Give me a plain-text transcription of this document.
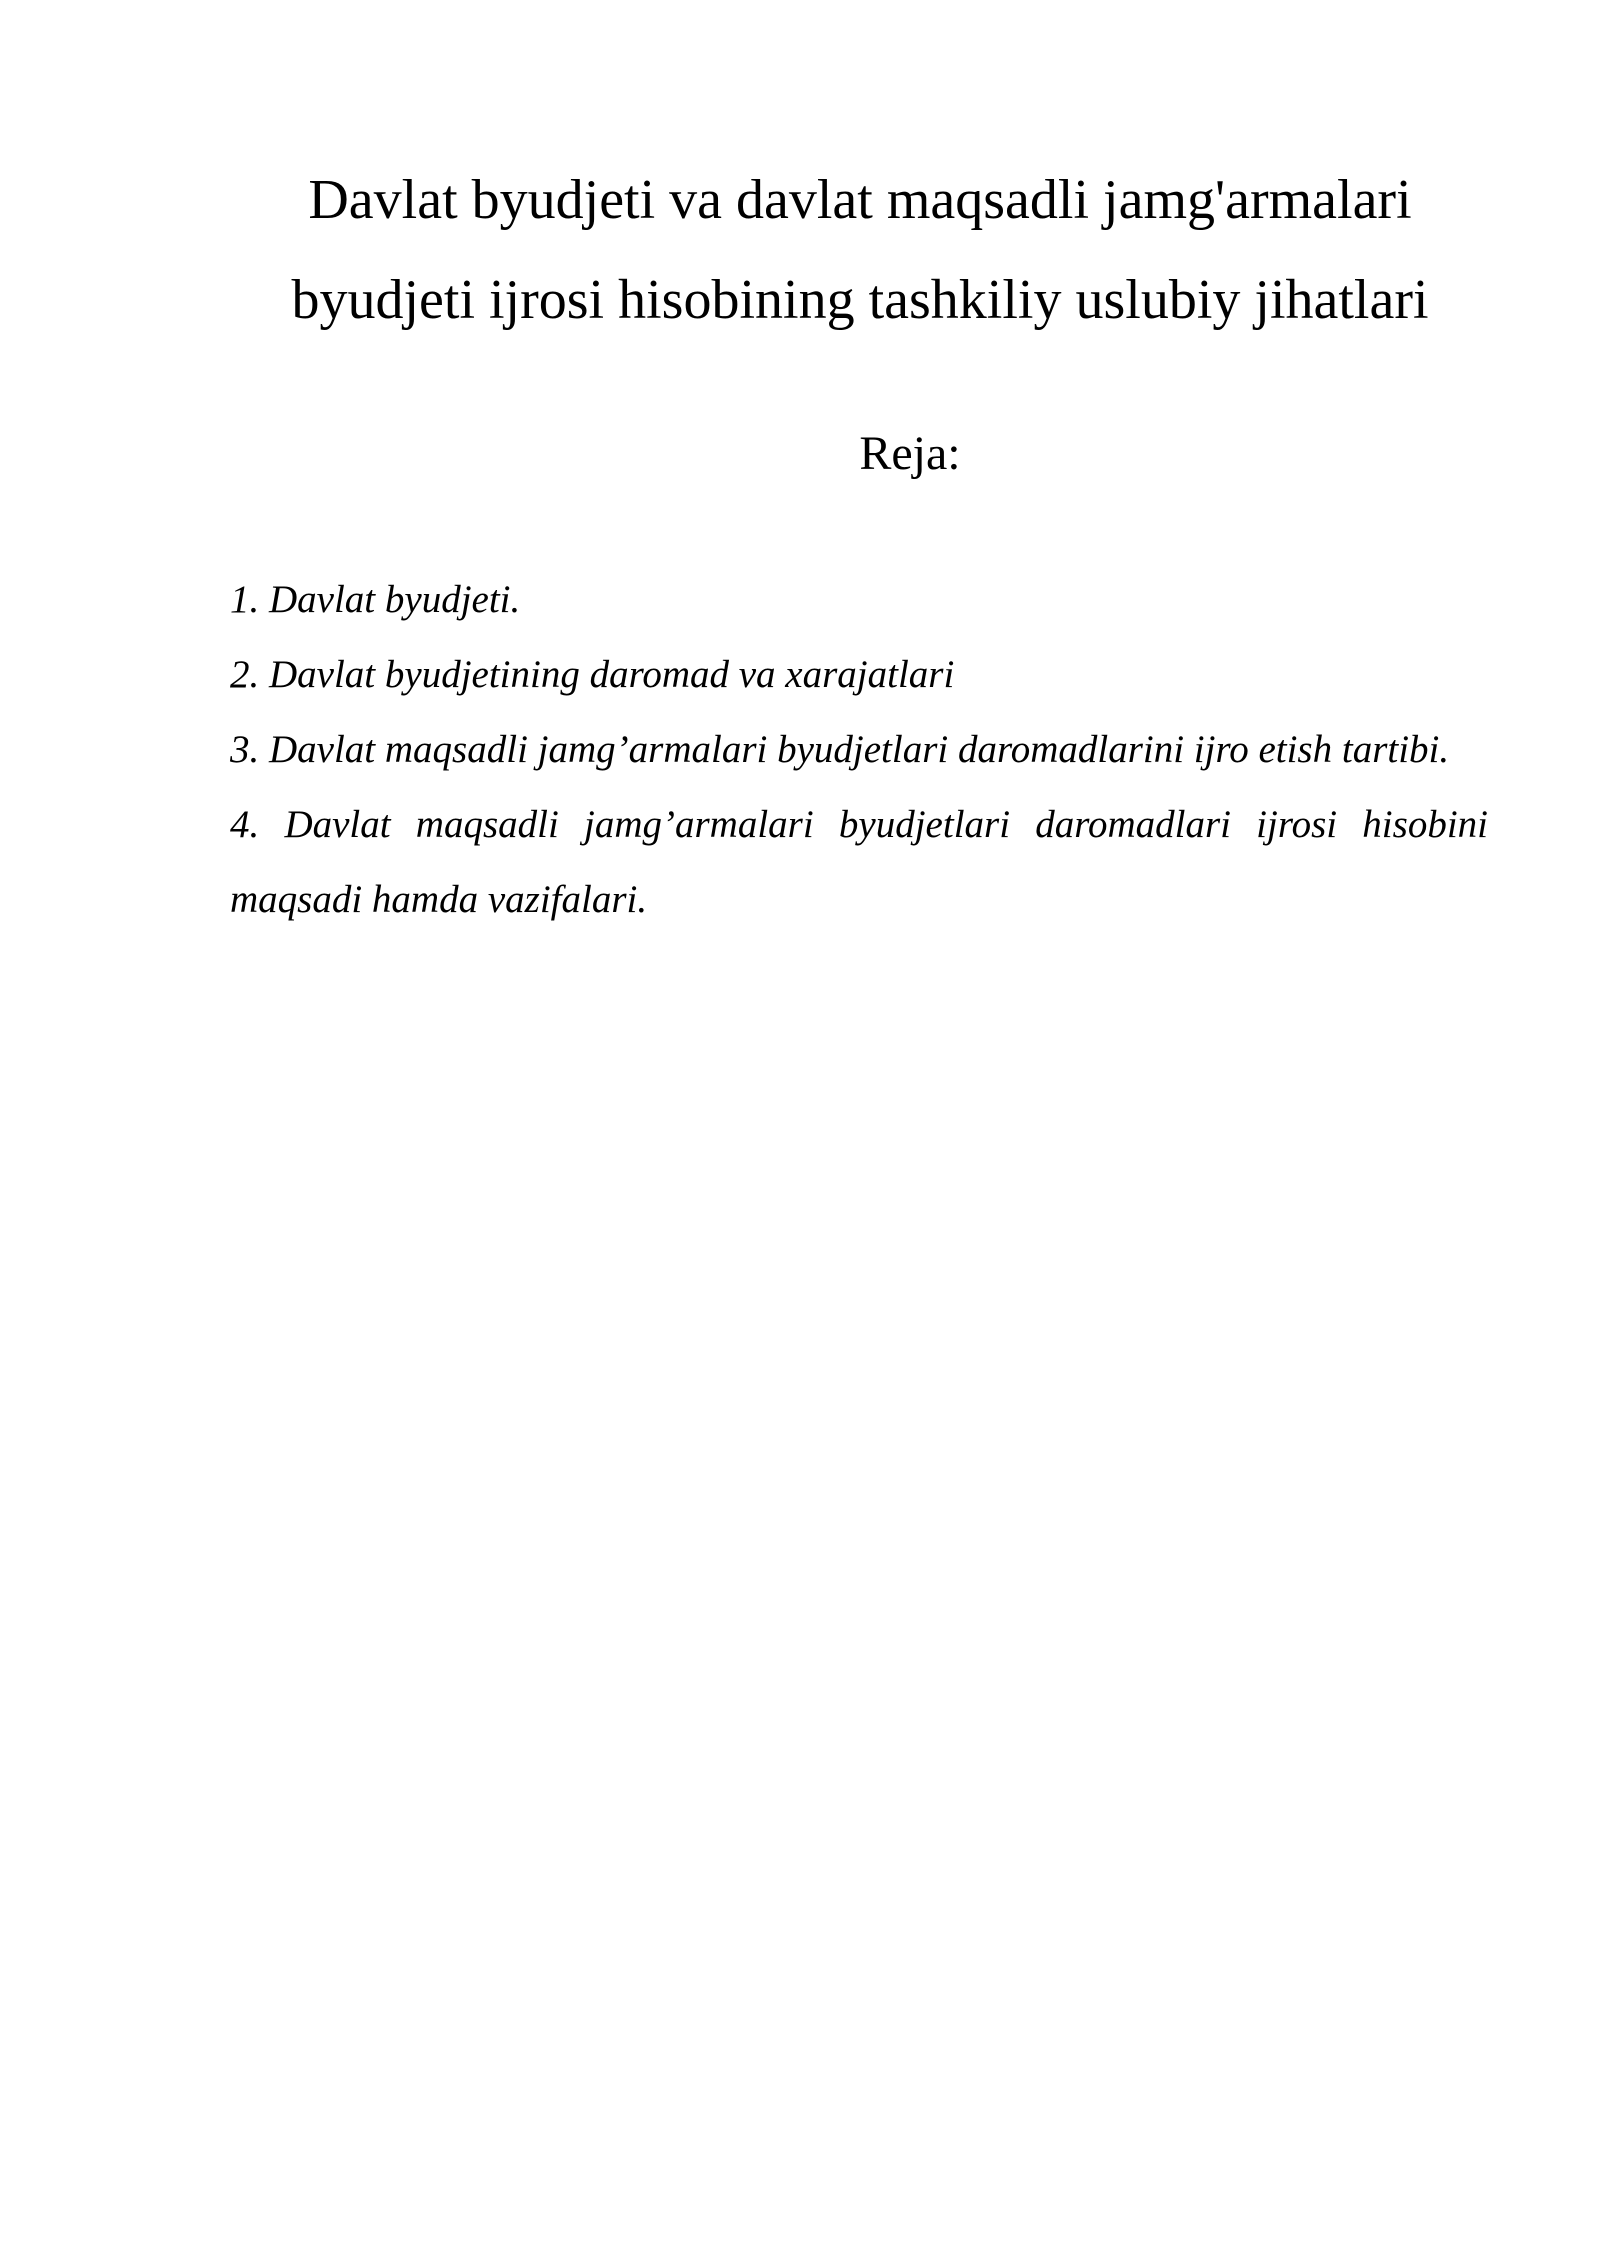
Davlat byudjeti va davlat maqsadli jamg'armalari
byudjeti ijrosi hisobining tashkiliy uslubiy jihatlari

Reja:

1. Davlat byudjeti.
2. Davlat byudjetining daromad va xarajatlari
3. Davlat maqsadli jamg’armalari byudjetlari daromadlarini ijro etish tartibi.
4. Davlat maqsadli jamg’armalari byudjetlari daromadlari ijrosi hisobini maqsadi hamda vazifalari.
